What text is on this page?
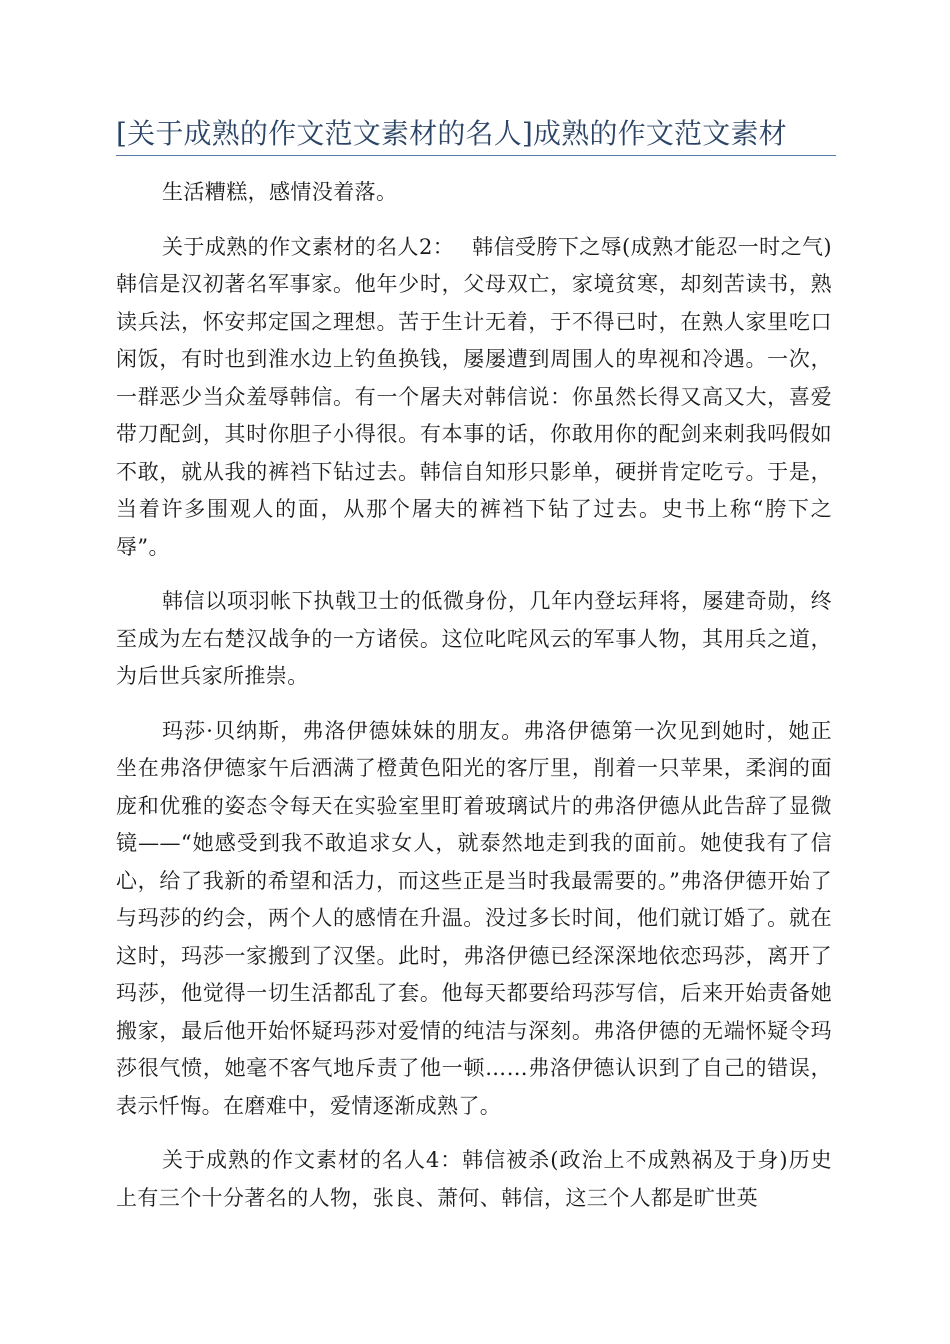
[关于成熟的作文范文素材的名人]成熟的作文范文素材

生活糟糕，感情没着落。

关于成熟的作文素材的名人2：　 韩信受胯下之辱(成熟才能忍一时之气)韩信是汉初著名军事家。他年少时，父母双亡，家境贫寒，却刻苦读书，熟读兵法，怀安邦定国之理想。苦于生计无着，于不得已时，在熟人家里吃口闲饭，有时也到淮水边上钓鱼换钱，屡屡遭到周围人的卑视和冷遇。一次，一群恶少当众羞辱韩信。有一个屠夫对韩信说：你虽然长得又高又大，喜爱带刀配剑，其时你胆子小得很。有本事的话，你敢用你的配剑来刺我吗假如不敢，就从我的裤裆下钻过去。韩信自知形只影单，硬拼肯定吃亏。于是，当着许多围观人的面，从那个屠夫的裤裆下钻了过去。史书上称“胯下之辱”。

韩信以项羽帐下执戟卫士的低微身份，几年内登坛拜将，屡建奇勋，终至成为左右楚汉战争的一方诸侯。这位叱咤风云的军事人物，其用兵之道，为后世兵家所推崇。

玛莎·贝纳斯，弗洛伊德妹妹的朋友。弗洛伊德第一次见到她时，她正坐在弗洛伊德家午后洒满了橙黄色阳光的客厅里，削着一只苹果，柔润的面庞和优雅的姿态令每天在实验室里盯着玻璃试片的弗洛伊德从此告辞了显微镜——“她感受到我不敢追求女人，就泰然地走到我的面前。她使我有了信心，给了我新的希望和活力，而这些正是当时我最需要的。”弗洛伊德开始了与玛莎的约会，两个人的感情在升温。没过多长时间，他们就订婚了。就在这时，玛莎一家搬到了汉堡。此时，弗洛伊德已经深深地依恋玛莎，离开了玛莎，他觉得一切生活都乱了套。他每天都要给玛莎写信，后来开始责备她搬家，最后他开始怀疑玛莎对爱情的纯洁与深刻。弗洛伊德的无端怀疑令玛莎很气愤，她毫不客气地斥责了他一顿……弗洛伊德认识到了自己的错误，表示忏悔。在磨难中，爱情逐渐成熟了。

关于成熟的作文素材的名人4：韩信被杀(政治上不成熟祸及于身)历史上有三个十分著名的人物，张良、萧何、韩信，这三个人都是旷世英
